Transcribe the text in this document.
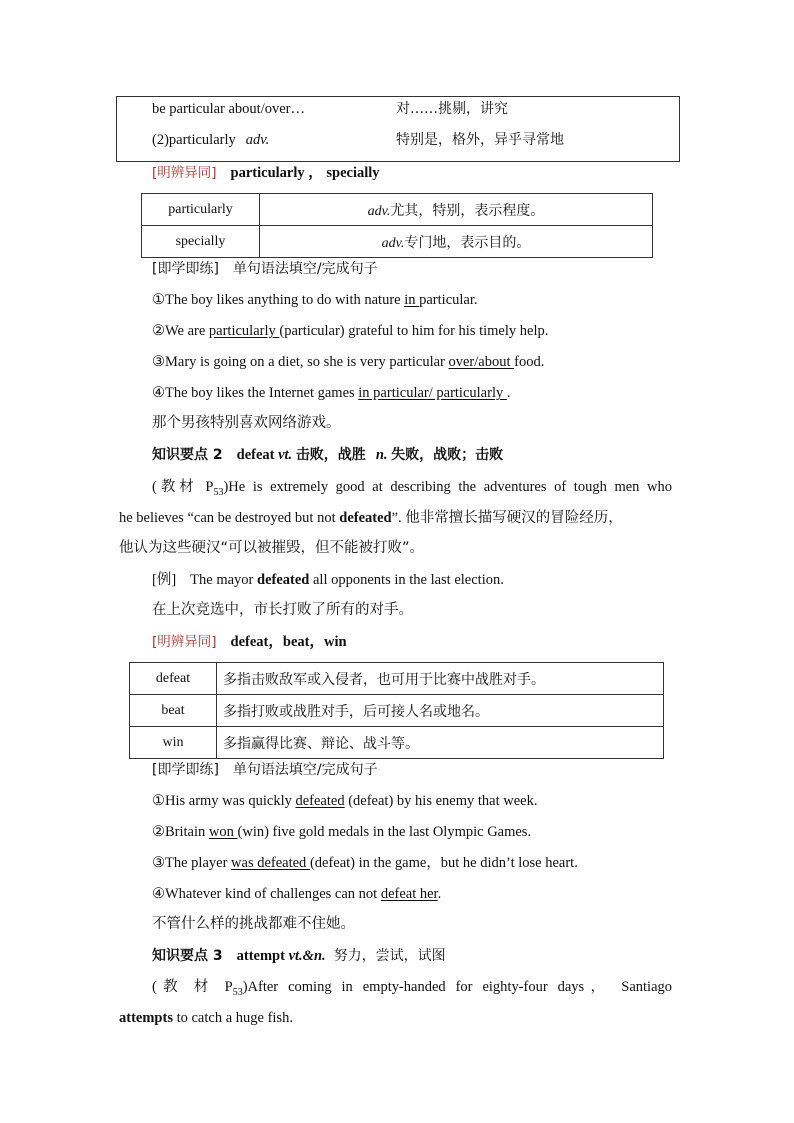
be particular about/over…	对……挑剔，讲究
(2)particularly adv.	特别是，格外，异乎寻常地
[明辨异同] particularly ， specially
particularly	adv.尤其，特别，表示程度。
specially	adv.专门地，表示目的。
[即学即练] 单句语法填空/完成句子
①The boy likes anything to do with nature in particular.
②We are particularly (particular) grateful to him for his timely help.
③Mary is going on a diet, so she is very particular over/about food.
④The boy likes the Internet games in particular/ particularly .
那个男孩特别喜欢网络游戏。
知识要点 2 defeat vt. 击败，战胜 n. 失败，战败；击败
(教材 $P_{53})He$ is extremely good at describing the adventures of tough men who
he believes “can be destroyed but not defeated”. 他非常擅长描写硬汉的冒险经历，
他认为这些硬汉“可以被摧毁，但不能被打败”。
[例] The mayor defeated all opponents in the last election.
在上次竞选中，市长打败了所有的对手。
[明辨异同] defeat，beat，win
defeat	多指击败敌军或入侵者，也可用于比赛中战胜对手。
beat	多指打败或战胜对手，后可接人名或地名。
win	多指赢得比赛、辩论、战斗等。
[即学即练] 单句语法填空/完成句子
①His army was quickly defeated (defeat) by his enemy that week.
②Britain won (win) five gold medals in the last Olympic Games.
③The player was defeated (defeat) in the game，but he didn’t lose heart.
④Whatever kind of challenges can not defeat her.
不管什么样的挑战都难不住她。
知识要点 3 attempt vt.&n. 努力，尝试，试图
(教 材 $P_{53})After$ coming in empty-handed for eighty-four days， Santiago
attempts to catch a huge fish.
